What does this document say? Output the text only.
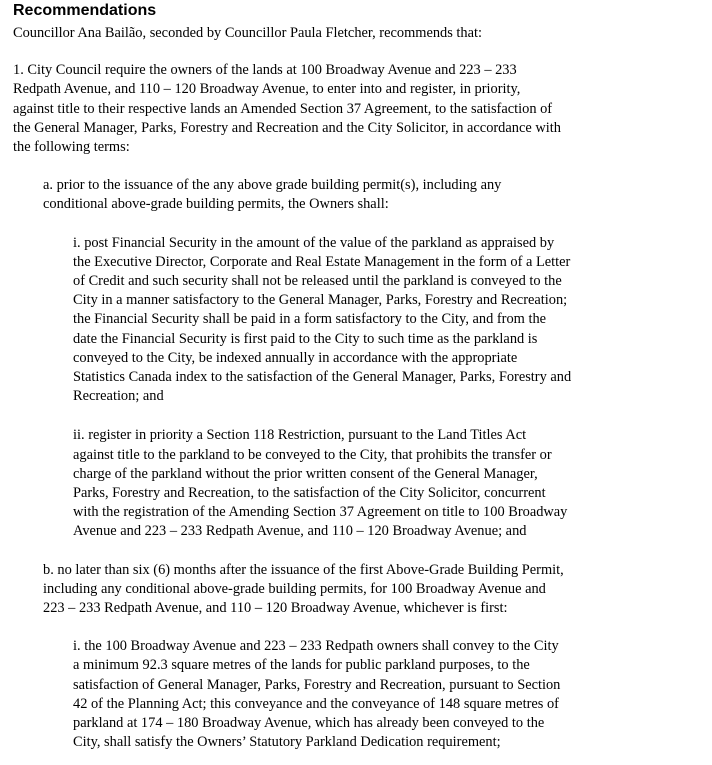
Recommendations

Councillor Ana Bailão, seconded by Councillor Paula Fletcher, recommends that:

1. City Council require the owners of the lands at 100 Broadway Avenue and 223 – 233
Redpath Avenue, and 110 – 120 Broadway Avenue, to enter into and register, in priority,
against title to their respective lands an Amended Section 37 Agreement, to the satisfaction of
the General Manager, Parks, Forestry and Recreation and the City Solicitor, in accordance with
the following terms:
a. prior to the issuance of the any above grade building permit(s), including any
conditional above-grade building permits, the Owners shall:
i. post Financial Security in the amount of the value of the parkland as appraised by
the Executive Director, Corporate and Real Estate Management in the form of a Letter
of Credit and such security shall not be released until the parkland is conveyed to the
City in a manner satisfactory to the General Manager, Parks, Forestry and Recreation;
the Financial Security shall be paid in a form satisfactory to the City, and from the
date the Financial Security is first paid to the City to such time as the parkland is
conveyed to the City, be indexed annually in accordance with the appropriate
Statistics Canada index to the satisfaction of the General Manager, Parks, Forestry and
Recreation; and
ii. register in priority a Section 118 Restriction, pursuant to the Land Titles Act
against title to the parkland to be conveyed to the City, that prohibits the transfer or
charge of the parkland without the prior written consent of the General Manager,
Parks, Forestry and Recreation, to the satisfaction of the City Solicitor, concurrent
with the registration of the Amending Section 37 Agreement on title to 100 Broadway
Avenue and 223 – 233 Redpath Avenue, and 110 – 120 Broadway Avenue; and
b. no later than six (6) months after the issuance of the first Above-Grade Building Permit,
including any conditional above-grade building permits, for 100 Broadway Avenue and
223 – 233 Redpath Avenue, and 110 – 120 Broadway Avenue, whichever is first:
i. the 100 Broadway Avenue and 223 – 233 Redpath owners shall convey to the City
a minimum 92.3 square metres of the lands for public parkland purposes, to the
satisfaction of General Manager, Parks, Forestry and Recreation, pursuant to Section
42 of the Planning Act; this conveyance and the conveyance of 148 square metres of
parkland at 174 – 180 Broadway Avenue, which has already been conveyed to the
City, shall satisfy the Owners’ Statutory Parkland Dedication requirement;
